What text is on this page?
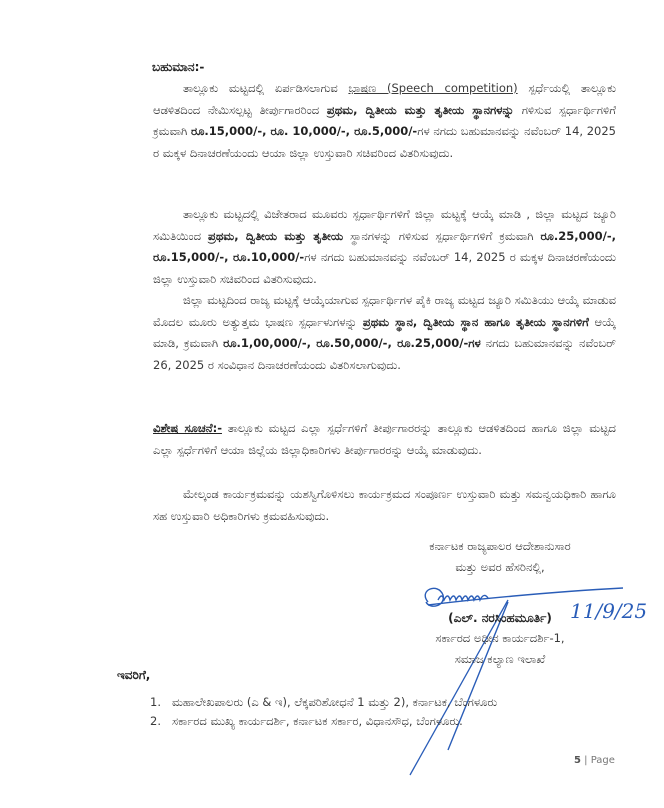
ಬಹುಮಾನ:-
ತಾಲ್ಲೂಕು ಮಟ್ಟದಲ್ಲಿ ಏರ್ಪಡಿಸಲಾಗುವ ಭಾಷಣ (Speech competition) ಸ್ಪರ್ಧೆಯಲ್ಲಿ ತಾಲ್ಲೂಕು ಆಡಳಿತದಿಂದ ನೇಮಿಸಲ್ಪಟ್ಟ ತೀರ್ಪುಗಾರರಿಂದ ಪ್ರಥಮ, ದ್ವಿತೀಯ ಮತ್ತು ತೃತೀಯ ಸ್ಥಾನಗಳನ್ನು ಗಳಿಸುವ ಸ್ಪರ್ಧಾರ್ಥಿಗಳಿಗೆ ಕ್ರಮವಾಗಿ ರೂ.15,000/-, ರೂ. 10,000/-, ರೂ.5,000/-ಗಳ ನಗದು ಬಹುಮಾನವನ್ನು ನವೆಂಬರ್ 14, 2025 ರ ಮಕ್ಕಳ ದಿನಾಚರಣೆಯಂದು ಆಯಾ ಜಿಲ್ಲಾ ಉಸ್ತುವಾರಿ ಸಚಿವರಿಂದ ವಿತರಿಸುವುದು.
ತಾಲ್ಲೂಕು ಮಟ್ಟದಲ್ಲಿ ವಿಜೇತರಾದ ಮೂವರು ಸ್ಪರ್ಧಾರ್ಥಿಗಳಿಗೆ ಜಿಲ್ಲಾ ಮಟ್ಟಕ್ಕೆ ಆಯ್ಕೆ ಮಾಡಿ , ಜಿಲ್ಲಾ ಮಟ್ಟದ ಜ್ಯೂರಿ ಸಮಿತಿಯಿಂದ ಪ್ರಥಮ, ದ್ವಿತೀಯ ಮತ್ತು ತೃತೀಯ ಸ್ಥಾನಗಳನ್ನು ಗಳಿಸುವ ಸ್ಪರ್ಧಾರ್ಥಿಗಳಿಗೆ ಕ್ರಮವಾಗಿ ರೂ.25,000/-, ರೂ.15,000/-, ರೂ.10,000/-ಗಳ ನಗದು ಬಹುಮಾನವನ್ನು ನವೆಂಬರ್ 14, 2025 ರ ಮಕ್ಕಳ ದಿನಾಚರಣೆಯಂದು ಜಿಲ್ಲಾ ಉಸ್ತುವಾರಿ ಸಚಿವರಿಂದ ವಿತರಿಸುವುದು.
ಜಿಲ್ಲಾ ಮಟ್ಟದಿಂದ ರಾಜ್ಯ ಮಟ್ಟಕ್ಕೆ ಆಯ್ಕೆಯಾಗುವ ಸ್ಪರ್ಧಾರ್ಥಿಗಳ ಪೈಕಿ ರಾಜ್ಯ ಮಟ್ಟದ ಜ್ಯೂರಿ ಸಮಿತಿಯು ಆಯ್ಕೆ ಮಾಡುವ ಮೊದಲ ಮೂರು ಅತ್ಯುತ್ತಮ ಭಾಷಣ ಸ್ಪರ್ಧಾಳುಗಳನ್ನು ಪ್ರಥಮ ಸ್ಥಾನ, ದ್ವಿತೀಯ ಸ್ಥಾನ ಹಾಗೂ ತೃತೀಯ ಸ್ಥಾನಗಳಿಗೆ ಆಯ್ಕೆ ಮಾಡಿ, ಕ್ರಮವಾಗಿ ರೂ.1,00,000/-, ರೂ.50,000/-, ರೂ.25,000/-ಗಳ ನಗದು ಬಹುಮಾನವನ್ನು ನವೆಂಬರ್ 26, 2025 ರ ಸಂವಿಧಾನ ದಿನಾಚರಣೆಯಂದು ವಿತರಿಸಲಾಗುವುದು.
ವಿಶೇಷ ಸೂಚನೆ:- ತಾಲ್ಲೂಕು ಮಟ್ಟದ ಎಲ್ಲಾ ಸ್ಪರ್ಧೆಗಳಿಗೆ ತೀರ್ಪುಗಾರರನ್ನು ತಾಲ್ಲೂಕು ಆಡಳಿತದಿಂದ ಹಾಗೂ ಜಿಲ್ಲಾ ಮಟ್ಟದ ಎಲ್ಲಾ ಸ್ಪರ್ಧೆಗಳಿಗೆ ಆಯಾ ಜಿಲ್ಲೆಯ ಜಿಲ್ಲಾಧಿಕಾರಿಗಳು ತೀರ್ಪುಗಾರರನ್ನು ಆಯ್ಕೆ ಮಾಡುವುದು.
ಮೇಲ್ಕಂಡ ಕಾರ್ಯಕ್ರಮವನ್ನು ಯಶಸ್ವಿಗೊಳಿಸಲು ಕಾರ್ಯಕ್ರಮದ ಸಂಪೂರ್ಣ ಉಸ್ತುವಾರಿ ಮತ್ತು ಸಮನ್ವಯಧಿಕಾರಿ ಹಾಗೂ ಸಹ ಉಸ್ತುವಾರಿ ಅಧಿಕಾರಿಗಳು ಕ್ರಮವಹಿಸುವುದು.
ಕರ್ನಾಟಕ ರಾಜ್ಯಪಾಲರ ಆದೇಶಾನುಸಾರ
ಮತ್ತು ಅವರ ಹೆಸರಿನಲ್ಲಿ,
11/9/25
(ಎಲ್. ನರಸಿಂಹಮೂರ್ತಿ)
ಸರ್ಕಾರದ ಅಧೀನ ಕಾರ್ಯದರ್ಶಿ-1,
ಸಮಾಜ ಕಲ್ಯಾಣ ಇಲಾಖೆ
ಇವರಿಗೆ,
1. ಮಹಾಲೇಖಪಾಲರು (ಎ & ಇ), ಲೆಕ್ಕಪರಿಶೋಧನೆ 1 ಮತ್ತು 2), ಕರ್ನಾಟಕ, ಬೆಂಗಳೂರು
2. ಸರ್ಕಾರದ ಮುಖ್ಯ ಕಾರ್ಯದರ್ಶಿ, ಕರ್ನಾಟಕ ಸರ್ಕಾರ, ವಿಧಾನಸೌಧ, ಬೆಂಗಳೂರು.
5 | Page
